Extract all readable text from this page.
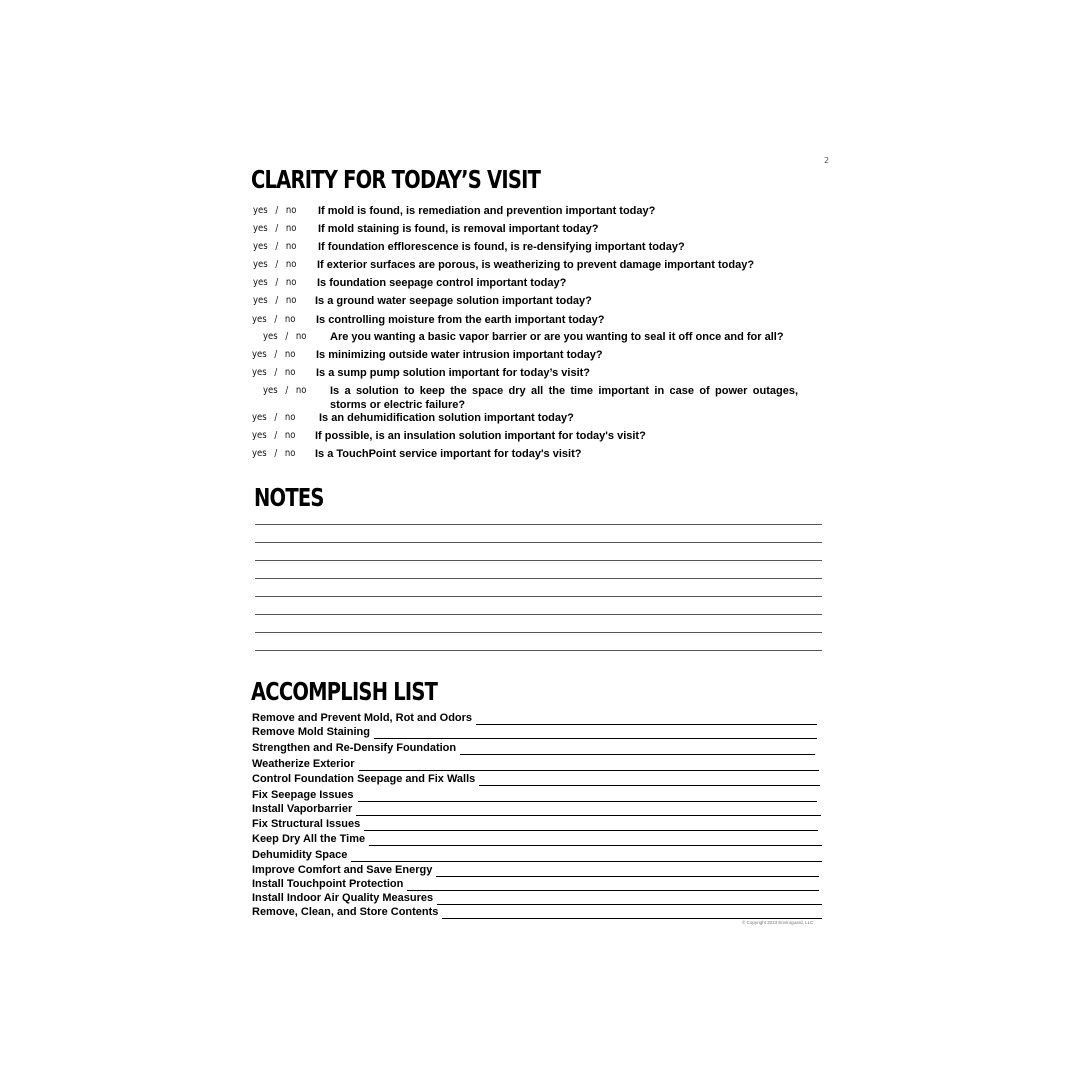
2
CLARITY FOR TODAY’S VISIT
yes / no	If mold is found, is remediation and prevention important today?
yes / no	If mold staining is found, is removal important today?
yes / no	If foundation efflorescence is found, is re-densifying important today?
yes / no	If exterior surfaces are porous, is weatherizing to prevent damage important today?
yes / no	Is foundation seepage control important today?
yes / no	Is a ground water seepage solution important today?
yes / no	Is controlling moisture from the earth important today?
yes / no	Are you wanting a basic vapor barrier or are you wanting to seal it off once and for all?
yes / no	Is minimizing outside water intrusion important today?
yes / no	Is a sump pump solution important for today’s visit?
yes / no	Is a solution to keep the space dry all the time important in case of power outages, storms or electric failure?
yes / no	Is an dehumidification solution important today?
yes / no	If possible, is an insulation solution important for today's visit?
yes / no	Is a TouchPoint service important for today's visit?
NOTES
ACCOMPLISH LIST
Remove and Prevent Mold, Rot and Odors
Remove Mold Staining
Strengthen and Re-Densify Foundation
Weatherize Exterior
Control Foundation Seepage and Fix Walls
Fix Seepage Issues
Install Vaporbarrier
Fix Structural Issues
Keep Dry All the Time
Dehumidity Space
Improve Comfort and Save Energy
Install Touchpoint Protection
Install Indoor Air Quality Measures
Remove, Clean, and Store Contents
© Copyright 2023 Enviroguard, LLC
